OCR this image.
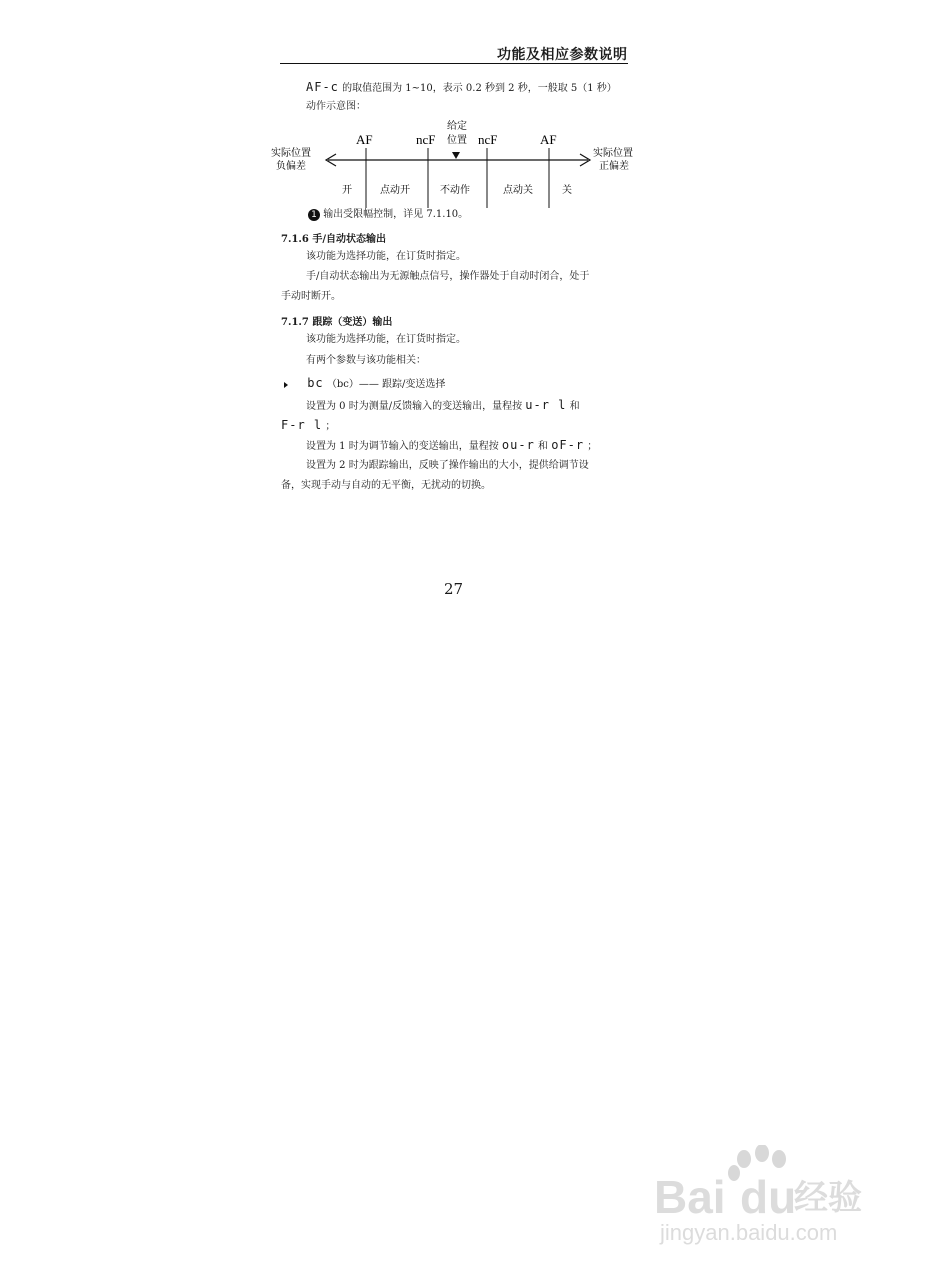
功能及相应参数说明
AF-c 的取值范围为 1~10，表示 0.2 秒到 2 秒，一般取 5（1 秒）
动作示意图：
实际位置
负偏差
实际位置
正偏差
给定
位置
AF	ncF	ncF	AF
开	点动开	不动作	点动关	关
1 输出受限幅控制，详见 7.1.10。
7.1.6 手/自动状态输出
该功能为选择功能，在订货时指定。
手/自动状态输出为无源触点信号，操作器处于自动时闭合，处于
手动时断开。
7.1.7 跟踪（变送）输出
该功能为选择功能，在订货时指定。
有两个参数与该功能相关：
bc （bc）—— 跟踪/变送选择
设置为 0 时为测量/反馈输入的变送输出，量程按 u-r l 和
F-r l ；
设置为 1 时为调节输入的变送输出，量程按 ou-r 和 oF-r ；
设置为 2 时为跟踪输出，反映了操作输出的大小，提供给调节设
备，实现手动与自动的无平衡，无扰动的切换。
27
Bai du
经验
jingyan.baidu.com
